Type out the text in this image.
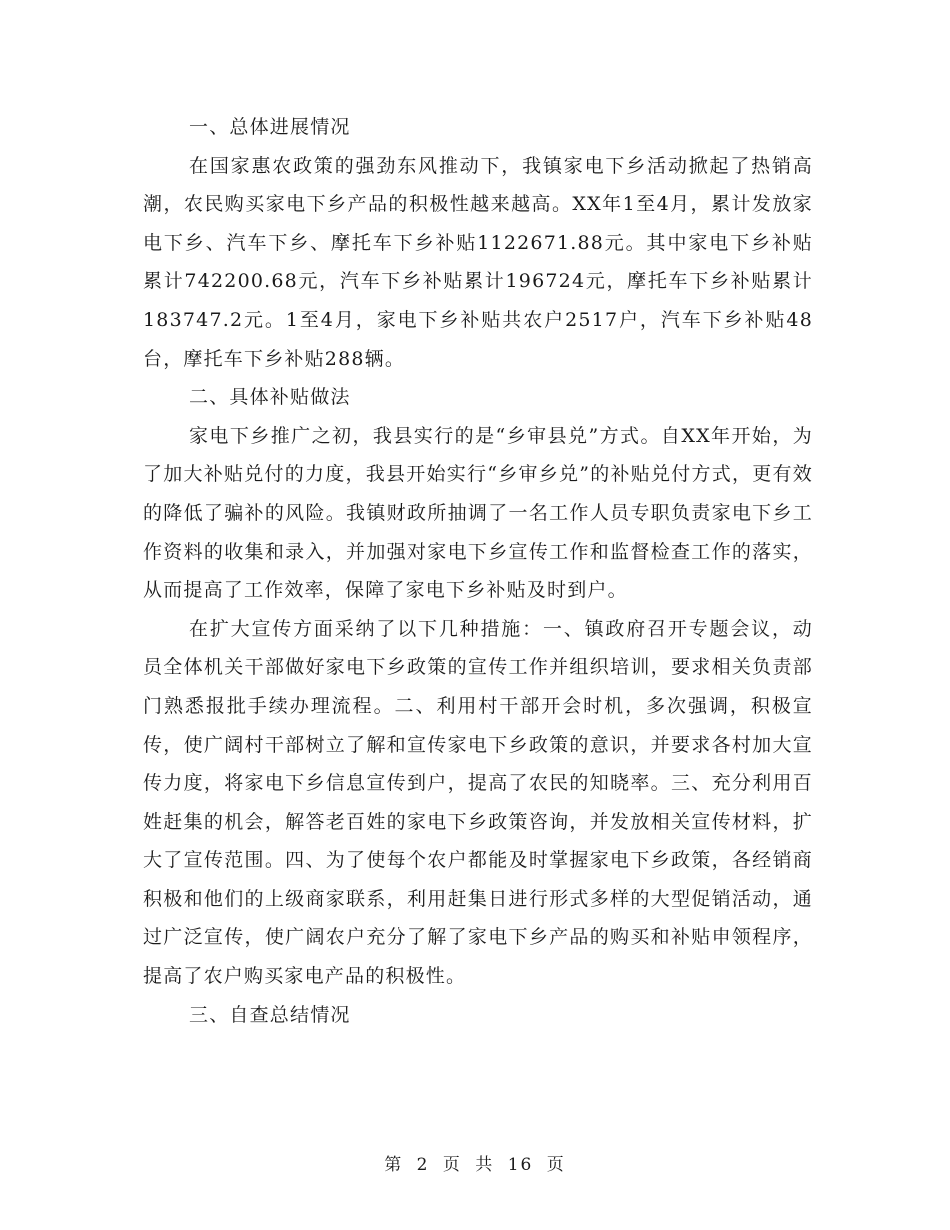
一、总体进展情况

在国家惠农政策的强劲东风推动下，我镇家电下乡活动掀起了热销高潮，农民购买家电下乡产品的积极性越来越高。XX年1至4月，累计发放家电下乡、汽车下乡、摩托车下乡补贴1122671.88元。其中家电下乡补贴累计742200.68元，汽车下乡补贴累计196724元，摩托车下乡补贴累计183747.2元。1至4月，家电下乡补贴共农户2517户，汽车下乡补贴48台，摩托车下乡补贴288辆。

二、具体补贴做法

家电下乡推广之初，我县实行的是“乡审县兑”方式。自XX年开始，为了加大补贴兑付的力度，我县开始实行“乡审乡兑”的补贴兑付方式，更有效的降低了骗补的风险。我镇财政所抽调了一名工作人员专职负责家电下乡工作资料的收集和录入，并加强对家电下乡宣传工作和监督检查工作的落实，从而提高了工作效率，保障了家电下乡补贴及时到户。

在扩大宣传方面采纳了以下几种措施：一、镇政府召开专题会议，动员全体机关干部做好家电下乡政策的宣传工作并组织培训，要求相关负责部门熟悉报批手续办理流程。二、利用村干部开会时机，多次强调，积极宣传，使广阔村干部树立了解和宣传家电下乡政策的意识，并要求各村加大宣传力度，将家电下乡信息宣传到户，提高了农民的知晓率。三、充分利用百姓赶集的机会，解答老百姓的家电下乡政策咨询，并发放相关宣传材料，扩大了宣传范围。四、为了使每个农户都能及时掌握家电下乡政策，各经销商积极和他们的上级商家联系，利用赶集日进行形式多样的大型促销活动，通过广泛宣传，使广阔农户充分了解了家电下乡产品的购买和补贴申领程序，提高了农户购买家电产品的积极性。

三、自查总结情况

第 2 页 共 16 页
